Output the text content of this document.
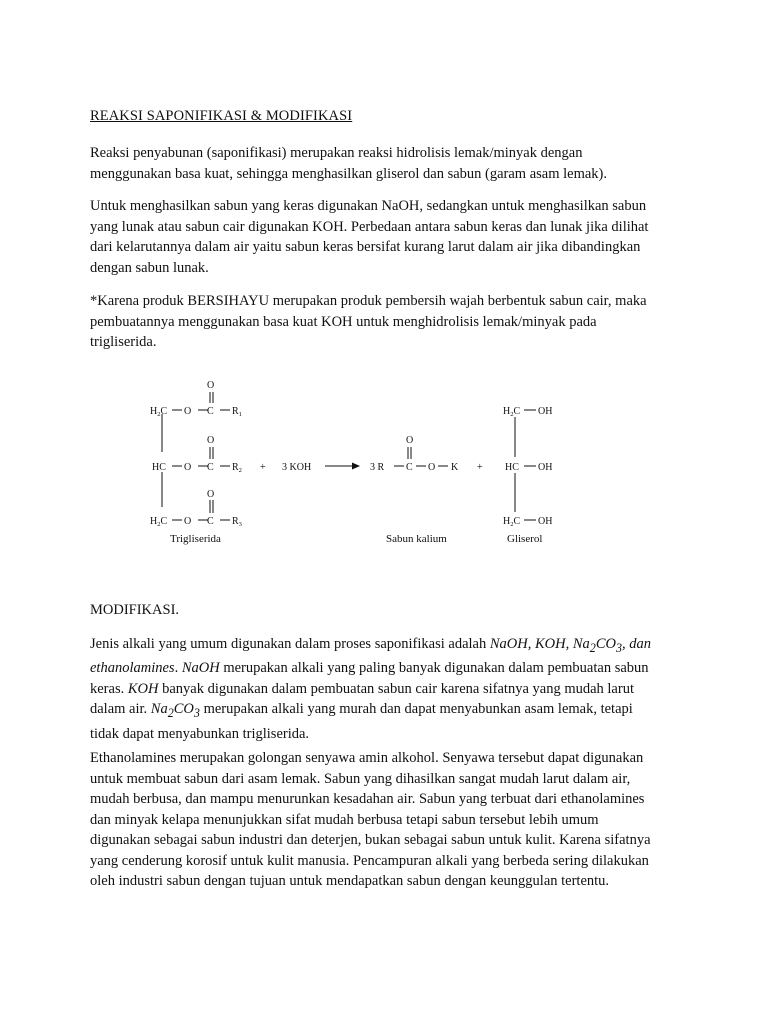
REAKSI SAPONIFIKASI & MODIFIKASI

Reaksi penyabunan (saponifikasi) merupakan reaksi hidrolisis lemak/minyak dengan
menggunakan basa kuat, sehingga menghasilkan gliserol dan sabun (garam asam lemak).

Untuk menghasilkan sabun yang keras digunakan NaOH, sedangkan untuk menghasilkan sabun
yang lunak atau sabun cair digunakan KOH. Perbedaan antara sabun keras dan lunak jika dilihat
dari kelarutannya dalam air yaitu sabun keras bersifat kurang larut dalam air jika dibandingkan
dengan sabun lunak.

*Karena produk BERSIHAYU merupakan produk pembersih wajah berbentuk sabun cair, maka
pembuatannya menggunakan basa kuat KOH untuk menghidrolisis lemak/minyak pada
trigliserida.

O
$H_2C$ O C $R_1$
O
HC O C $R_2$
O
$H_2C$ O C $R_3$
+ 3 KOH
O
3 R C O K +
$H_2C$ OH
HC OH
$H_2C$ OH
Trigliserida	Sabun kalium	Gliserol
MODIFIKASI.

Jenis alkali yang umum digunakan dalam proses saponifikasi adalah NaOH, KOH, $Na_2CO_3$, dan
ethanolamines. NaOH merupakan alkali yang paling banyak digunakan dalam pembuatan sabun
keras. KOH banyak digunakan dalam pembuatan sabun cair karena sifatnya yang mudah larut
dalam air. $Na_2CO_3$ merupakan alkali yang murah dan dapat menyabunkan asam lemak, tetapi
tidak dapat menyabunkan trigliserida.

Ethanolamines merupakan golongan senyawa amin alkohol. Senyawa tersebut dapat digunakan
untuk membuat sabun dari asam lemak. Sabun yang dihasilkan sangat mudah larut dalam air,
mudah berbusa, dan mampu menurunkan kesadahan air. Sabun yang terbuat dari ethanolamines
dan minyak kelapa menunjukkan sifat mudah berbusa tetapi sabun tersebut lebih umum
digunakan sebagai sabun industri dan deterjen, bukan sebagai sabun untuk kulit. Karena sifatnya
yang cenderung korosif untuk kulit manusia. Pencampuran alkali yang berbeda sering dilakukan
oleh industri sabun dengan tujuan untuk mendapatkan sabun dengan keunggulan tertentu.
